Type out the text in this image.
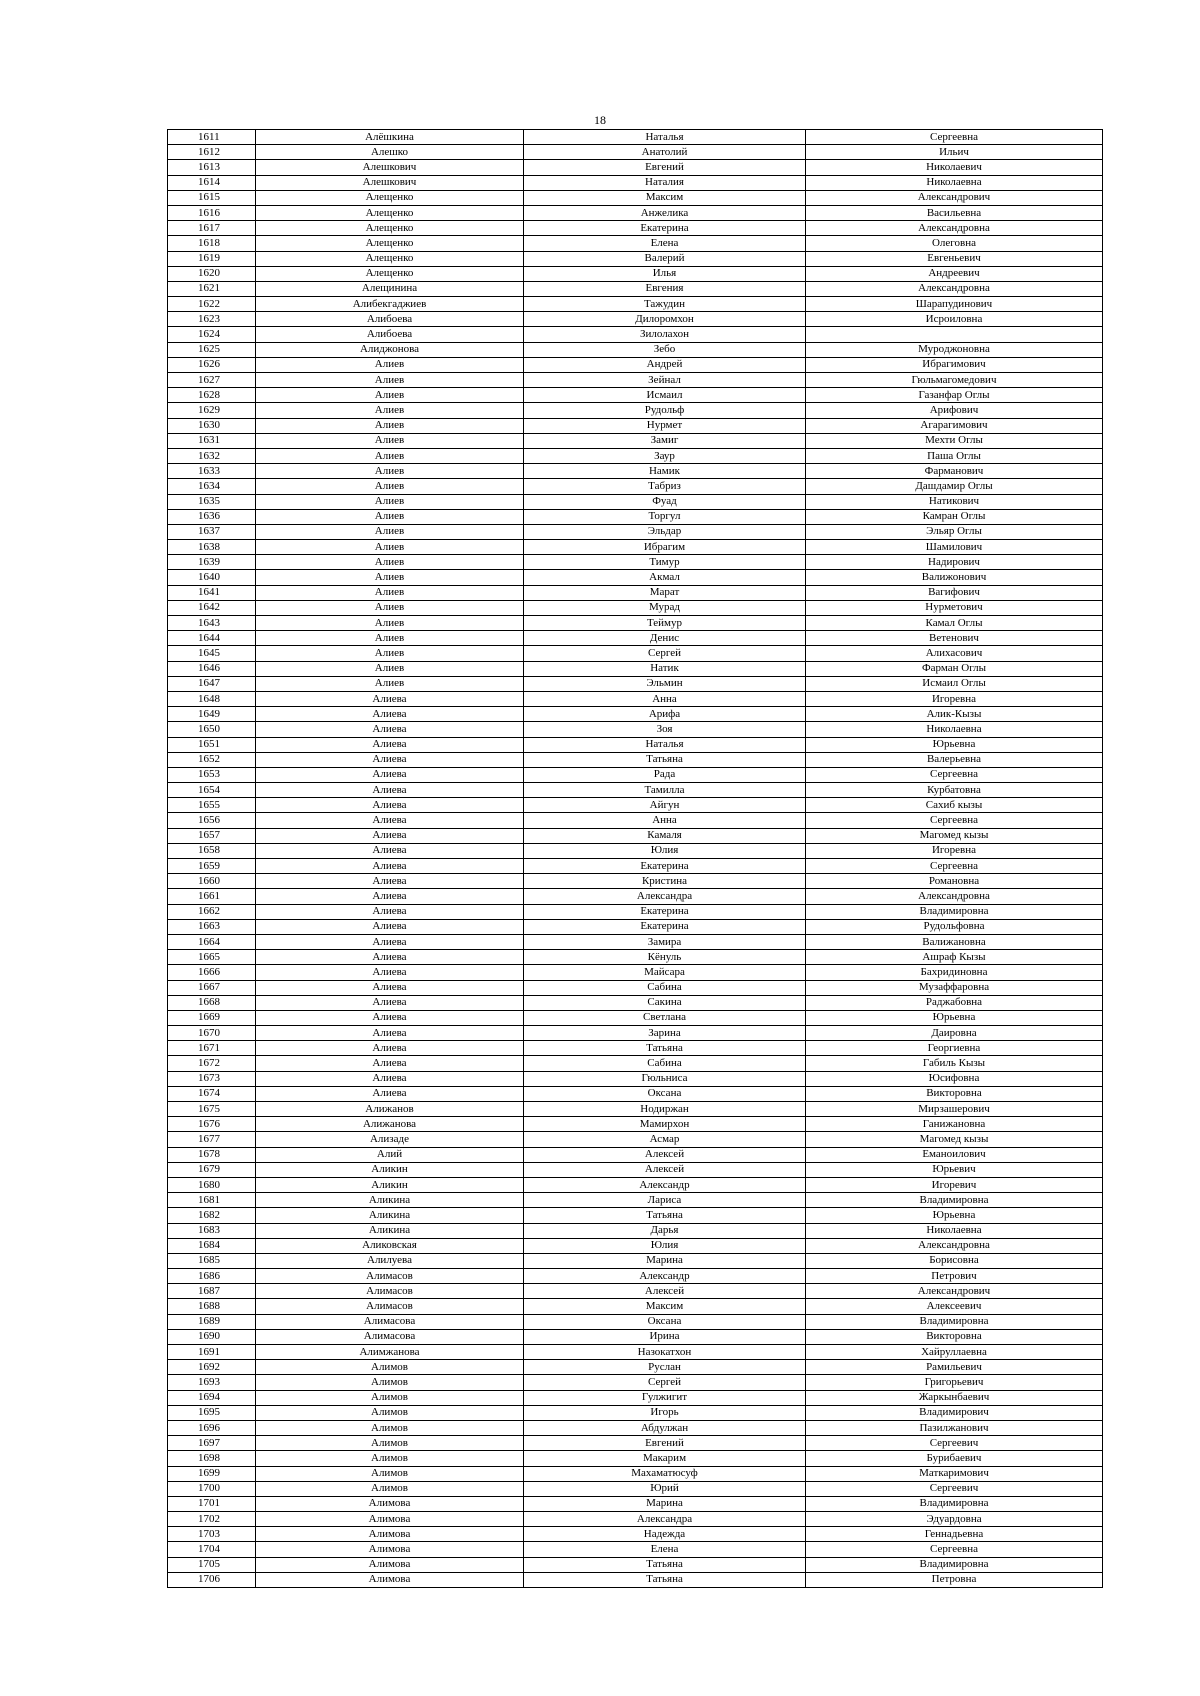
18
1611	Алёшкина	Наталья	Сергеевна
1612	Алешко	Анатолий	Ильич
1613	Алешкович	Евгений	Николаевич
1614	Алешкович	Наталия	Николаевна
1615	Алещенко	Максим	Александрович
1616	Алещенко	Анжелика	Васильевна
1617	Алещенко	Екатерина	Александровна
1618	Алещенко	Елена	Олеговна
1619	Алещенко	Валерий	Евгеньевич
1620	Алещенко	Илья	Андреевич
1621	Алещинина	Евгения	Александровна
1622	Алибекгаджиев	Тажудин	Шарапудинович
1623	Алибоева	Дилоромхон	Исроиловна
1624	Алибоева	Зилолахон	
1625	Алиджонова	Зебо	Мурoджоновна
1626	Алиев	Андрей	Ибрагимович
1627	Алиев	Зейнал	Гюльмагомедович
1628	Алиев	Исмаил	Газанфар Оглы
1629	Алиев	Рудольф	Арифович
1630	Алиев	Нурмет	Агарагимович
1631	Алиев	Замиг	Мехти Оглы
1632	Алиев	Заур	Паша Оглы
1633	Алиев	Намик	Фарманович
1634	Алиев	Табриз	Дашдамир Оглы
1635	Алиев	Фуад	Натикович
1636	Алиев	Торгул	Камран Оглы
1637	Алиев	Эльдар	Эльяр Оглы
1638	Алиев	Ибрагим	Шамилович
1639	Алиев	Тимур	Надирович
1640	Алиев	Акмал	Валижонович
1641	Алиев	Марат	Вагифович
1642	Алиев	Мурад	Нурметович
1643	Алиев	Теймур	Камал Оглы
1644	Алиев	Денис	Ветенович
1645	Алиев	Сергей	Алихасович
1646	Алиев	Натик	Фарман Оглы
1647	Алиев	Эльмин	Исмаил Оглы
1648	Алиева	Анна	Игоревна
1649	Алиева	Арифа	Алик-Кызы
1650	Алиева	Зоя	Николаевна
1651	Алиева	Наталья	Юрьевна
1652	Алиева	Татьяна	Валерьевна
1653	Алиева	Рада	Сергеевна
1654	Алиева	Тамилла	Курбатовна
1655	Алиева	Айгун	Сахиб кызы
1656	Алиева	Анна	Сергеевна
1657	Алиева	Камаля	Магомед кызы
1658	Алиева	Юлия	Игоревна
1659	Алиева	Екатерина	Сергеевна
1660	Алиева	Кристина	Романовна
1661	Алиева	Александра	Александровна
1662	Алиева	Екатерина	Владимировна
1663	Алиева	Екатерина	Рудольфовна
1664	Алиева	Замира	Валижановна
1665	Алиева	Кёнуль	Ашраф Кызы
1666	Алиева	Майсара	Бахридиновна
1667	Алиева	Сабина	Музаффаровна
1668	Алиева	Сакина	Раджабовна
1669	Алиева	Светлана	Юрьевна
1670	Алиева	Зарина	Даировна
1671	Алиева	Татьяна	Георгиевна
1672	Алиева	Сабина	Габиль Кызы
1673	Алиева	Гюльниса	Юсифовна
1674	Алиева	Оксана	Викторовна
1675	Алижанов	Нодиржан	Мирзашерович
1676	Алижанова	Мамирхон	Ганижановна
1677	Ализаде	Асмар	Магомед кызы
1678	Алий	Алексей	Еманоилович
1679	Аликин	Алексей	Юрьевич
1680	Аликин	Александр	Игоревич
1681	Аликина	Лариса	Владимировна
1682	Аликина	Татьяна	Юрьевна
1683	Аликина	Дарья	Николаевна
1684	Аликовская	Юлия	Александровна
1685	Алилуева	Марина	Борисовна
1686	Алимасов	Александр	Петрович
1687	Алимасов	Алексей	Александрович
1688	Алимасов	Максим	Алексеевич
1689	Алимасова	Оксана	Владимировна
1690	Алимасова	Ирина	Викторовна
1691	Алимжанова	Назокатхон	Хайруллаевна
1692	Алимов	Руслан	Рамильевич
1693	Алимов	Сергей	Григорьевич
1694	Алимов	Гулжигит	Жаркынбаевич
1695	Алимов	Игорь	Владимирович
1696	Алимов	Абдулжан	Пазилжанович
1697	Алимов	Евгений	Сергеевич
1698	Алимов	Макарим	Бурибаевич
1699	Алимов	Махаматюсуф	Маткаримович
1700	Алимов	Юрий	Сергеевич
1701	Алимова	Марина	Владимировна
1702	Алимова	Александра	Эдуардовна
1703	Алимова	Надежда	Геннадьевна
1704	Алимова	Елена	Сергеевна
1705	Алимова	Татьяна	Владимировна
1706	Алимова	Татьяна	Петровна
